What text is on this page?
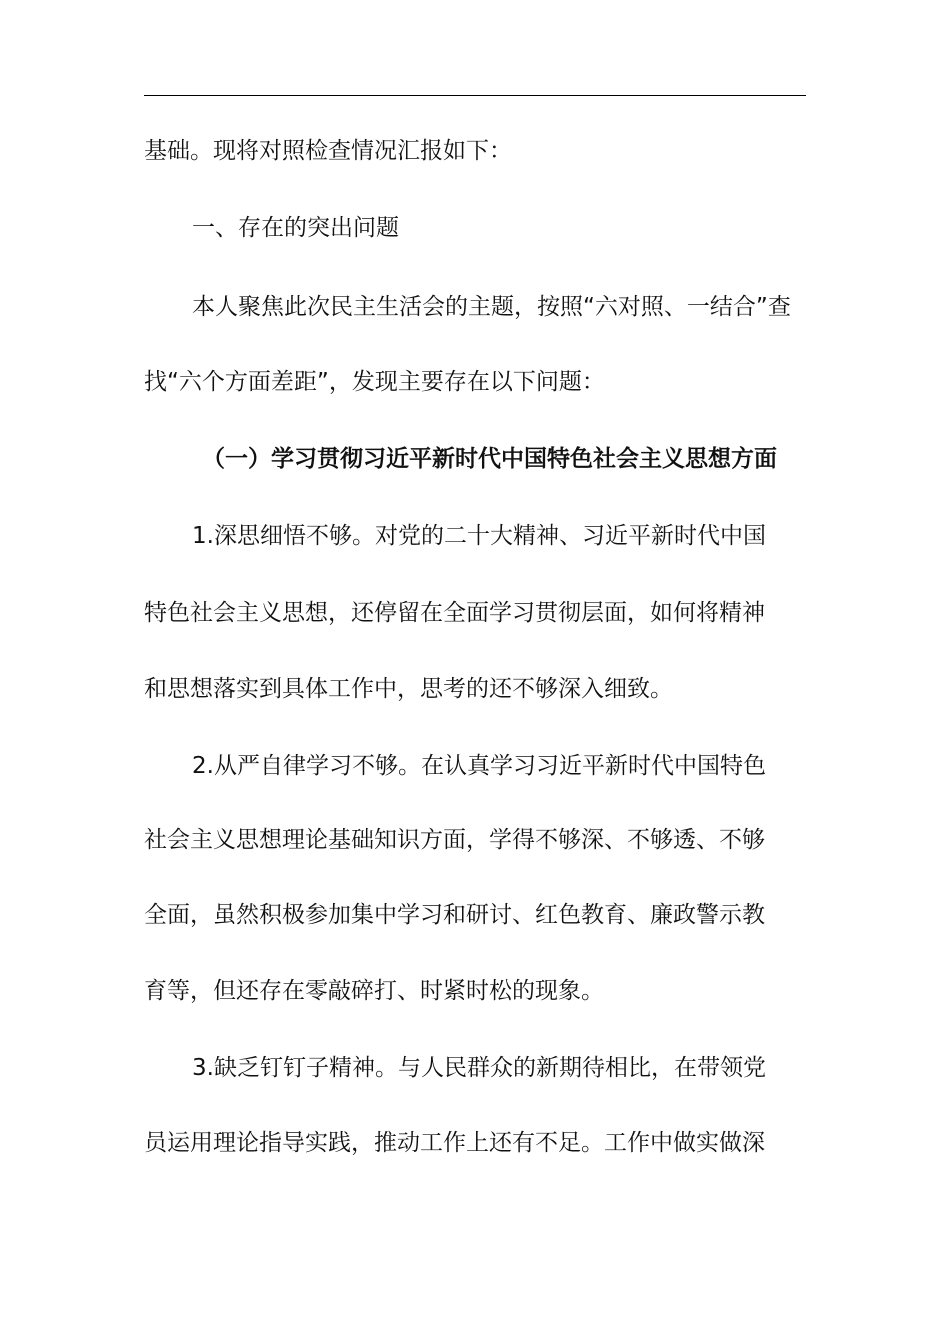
基础。现将对照检查情况汇报如下：
一、存在的突出问题
本人聚焦此次民主生活会的主题，按照“六对照、一结合”查
找“六个方面差距”，发现主要存在以下问题：
（一）学习贯彻习近平新时代中国特色社会主义思想方面
1.深思细悟不够。对党的二十大精神、习近平新时代中国
特色社会主义思想，还停留在全面学习贯彻层面，如何将精神
和思想落实到具体工作中，思考的还不够深入细致。
2.从严自律学习不够。在认真学习习近平新时代中国特色
社会主义思想理论基础知识方面，学得不够深、不够透、不够
全面，虽然积极参加集中学习和研讨、红色教育、廉政警示教
育等，但还存在零敲碎打、时紧时松的现象。
3.缺乏钉钉子精神。与人民群众的新期待相比，在带领党
员运用理论指导实践，推动工作上还有不足。工作中做实做深
